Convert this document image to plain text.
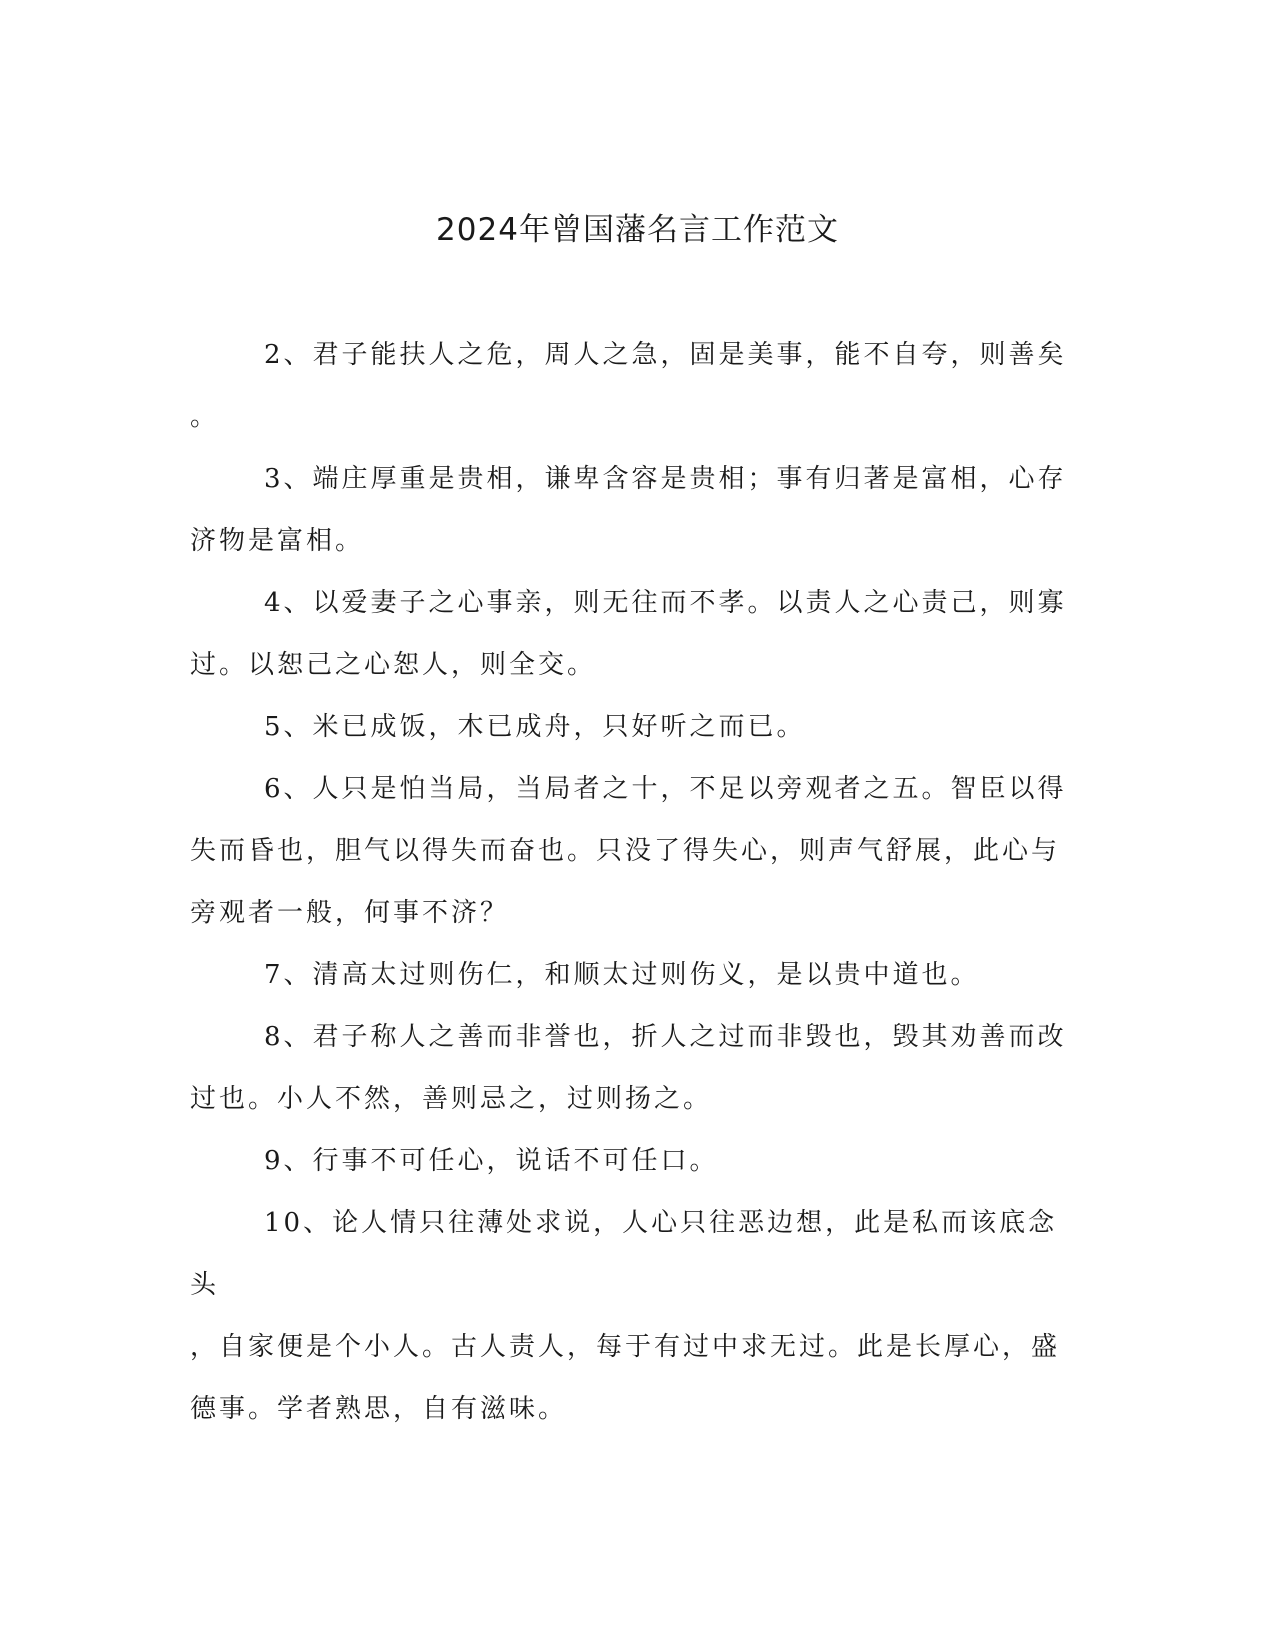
2024年曾国藩名言工作范文

2、君子能扶人之危，周人之急，固是美事，能不自夸，则善矣
。

3、端庄厚重是贵相，谦卑含容是贵相；事有归著是富相，心存
济物是富相。

4、以爱妻子之心事亲，则无往而不孝。以责人之心责己，则寡
过。以恕己之心恕人，则全交。

5、米已成饭，木已成舟，只好听之而已。

6、人只是怕当局，当局者之十，不足以旁观者之五。智臣以得
失而昏也，胆气以得失而奋也。只没了得失心，则声气舒展，此心与
旁观者一般，何事不济？

7、清高太过则伤仁，和顺太过则伤义，是以贵中道也。

8、君子称人之善而非誉也，折人之过而非毁也，毁其劝善而改
过也。小人不然，善则忌之，过则扬之。

9、行事不可任心，说话不可任口。

10、论人情只往薄处求说，人心只往恶边想，此是私而该底念头
，自家便是个小人。古人责人，每于有过中求无过。此是长厚心，盛
德事。学者熟思，自有滋味。
